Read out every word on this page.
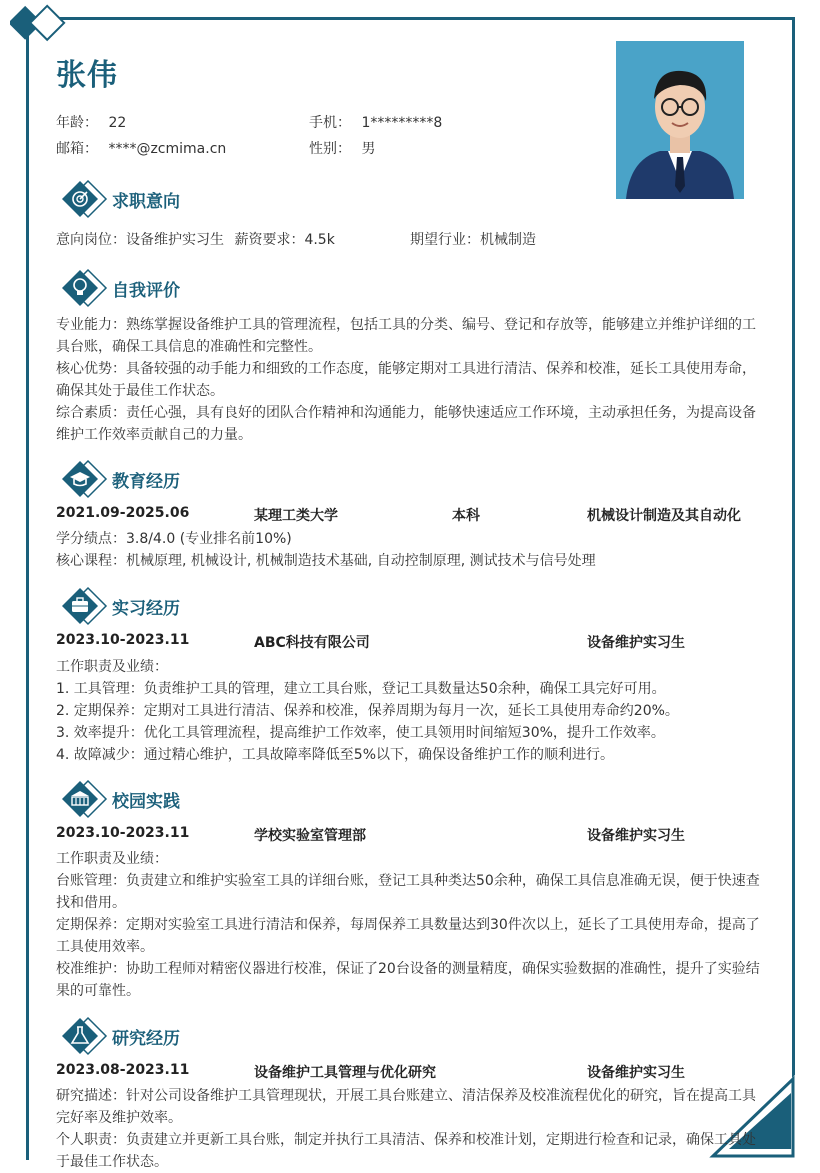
张伟
年龄： 22	手机： 1*********8
邮箱： ****@zcmima.cn	性别： 男
求职意向
意向岗位：设备维护实习生 薪资要求：4.5k	期望行业：机械制造
自我评价
专业能力：熟练掌握设备维护工具的管理流程，包括工具的分类、编号、登记和存放等，能够建立并维护详细的工
具台账，确保工具信息的准确性和完整性。
核心优势：具备较强的动手能力和细致的工作态度，能够定期对工具进行清洁、保养和校准，延长工具使用寿命，
确保其处于最佳工作状态。
综合素质：责任心强，具有良好的团队合作精神和沟通能力，能够快速适应工作环境，主动承担任务，为提高设备
维护工作效率贡献自己的力量。
教育经历
2021.09-2025.06	某理工类大学	本科	机械设计制造及其自动化
学分绩点：3.8/4.0 (专业排名前10%)
核心课程：机械原理, 机械设计, 机械制造技术基础, 自动控制原理, 测试技术与信号处理
实习经历
2023.10-2023.11	ABC科技有限公司	设备维护实习生
工作职责及业绩：
1. 工具管理：负责维护工具的管理，建立工具台账，登记工具数量达50余种，确保工具完好可用。
2. 定期保养：定期对工具进行清洁、保养和校准，保养周期为每月一次，延长工具使用寿命约20%。
3. 效率提升：优化工具管理流程，提高维护工作效率，使工具领用时间缩短30%，提升工作效率。
4. 故障减少：通过精心维护，工具故障率降低至5%以下，确保设备维护工作的顺利进行。
校园实践
2023.10-2023.11	学校实验室管理部	设备维护实习生
工作职责及业绩：
台账管理：负责建立和维护实验室工具的详细台账，登记工具种类达50余种，确保工具信息准确无误，便于快速查
找和借用。
定期保养：定期对实验室工具进行清洁和保养，每周保养工具数量达到30件次以上，延长了工具使用寿命，提高了
工具使用效率。
校准维护：协助工程师对精密仪器进行校准，保证了20台设备的测量精度，确保实验数据的准确性，提升了实验结
果的可靠性。
研究经历
2023.08-2023.11	设备维护工具管理与优化研究	设备维护实习生
研究描述：针对公司设备维护工具管理现状，开展工具台账建立、清洁保养及校准流程优化的研究，旨在提高工具
完好率及维护效率。
个人职责：负责建立并更新工具台账，制定并执行工具清洁、保养和校准计划，定期进行检查和记录，确保工具处
于最佳工作状态。
